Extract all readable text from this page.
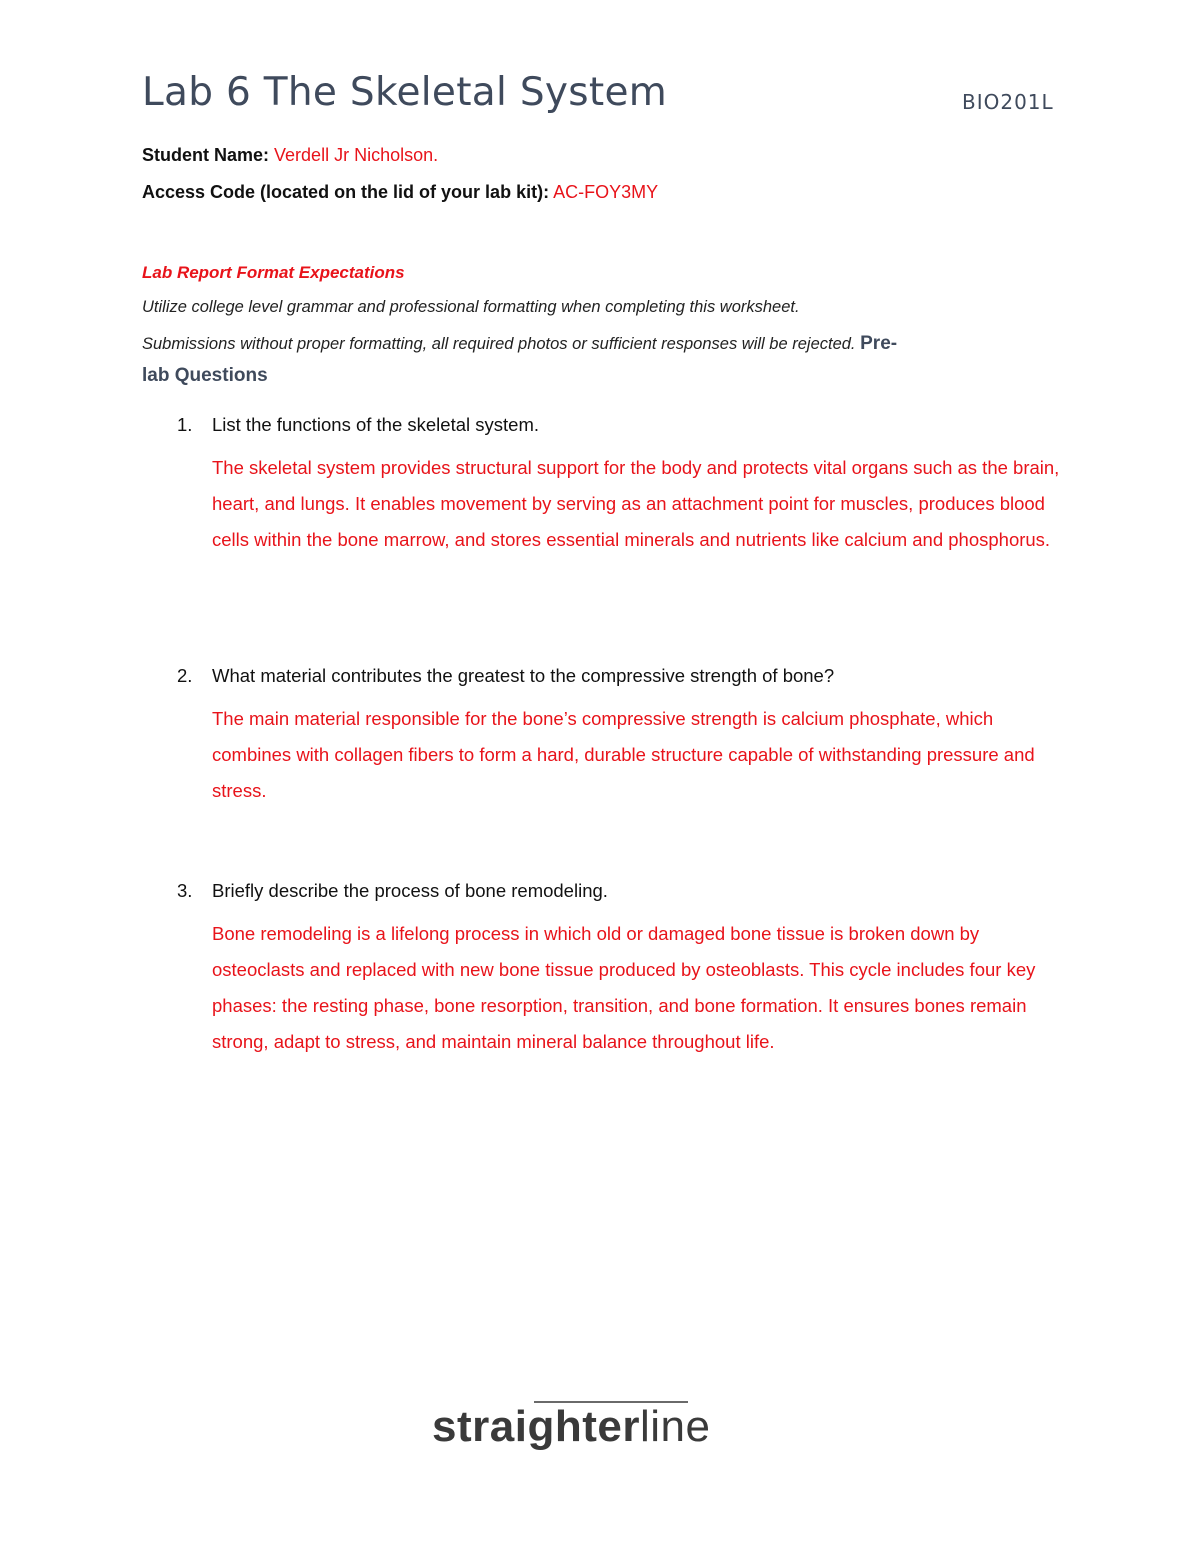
Lab 6 The Skeletal System	BIO201L
Student Name: Verdell Jr Nicholson.
Access Code (located on the lid of your lab kit): AC-FOY3MY
Lab Report Format Expectations
Utilize college level grammar and professional formatting when completing this worksheet.
Submissions without proper formatting, all required photos or sufficient responses will be rejected. Pre-
lab Questions
1. List the functions of the skeletal system.
The skeletal system provides structural support for the body and protects vital organs such as the brain, heart, and lungs. It enables movement by serving as an attachment point for muscles, produces blood cells within the bone marrow, and stores essential minerals and nutrients like calcium and phosphorus.
2. What material contributes the greatest to the compressive strength of bone?
The main material responsible for the bone’s compressive strength is calcium phosphate, which combines with collagen fibers to form a hard, durable structure capable of withstanding pressure and stress.
3. Briefly describe the process of bone remodeling.
Bone remodeling is a lifelong process in which old or damaged bone tissue is broken down by osteoclasts and replaced with new bone tissue produced by osteoblasts. This cycle includes four key phases: the resting phase, bone resorption, transition, and bone formation. It ensures bones remain strong, adapt to stress, and maintain mineral balance throughout life.
straighterline
